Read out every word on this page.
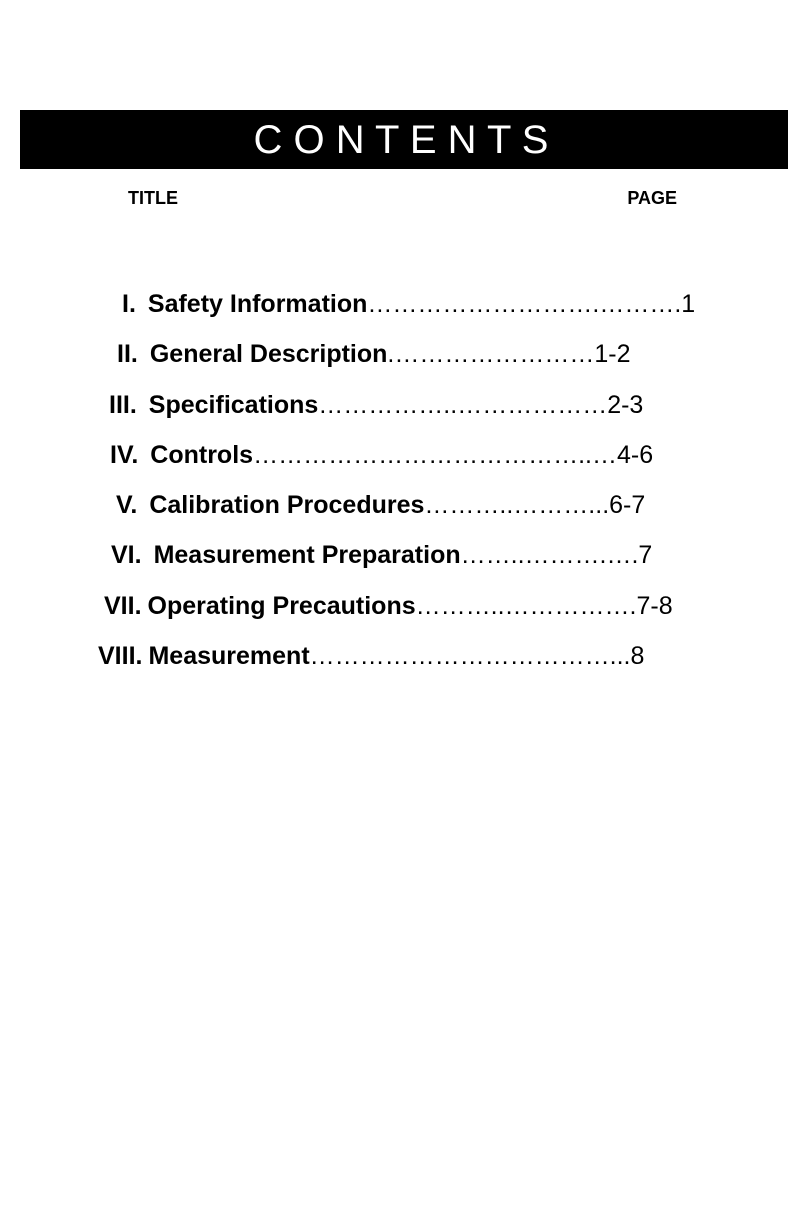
C O N T E N T S
TITLE	PAGE
I. Safety Information ……………………….………. 1
II. General Description .…………………… 1-2
III. Specifications ……………..……………… 2-3
IV. Controls …………………………………..… 4-6
V. Calibration Procedures ………..………... 6-7
VI. Measurement Preparation ……..……….…. 7
VII. Operating Precautions ………..……………. 7-8
VIII. Measurement ………………………………... 8
